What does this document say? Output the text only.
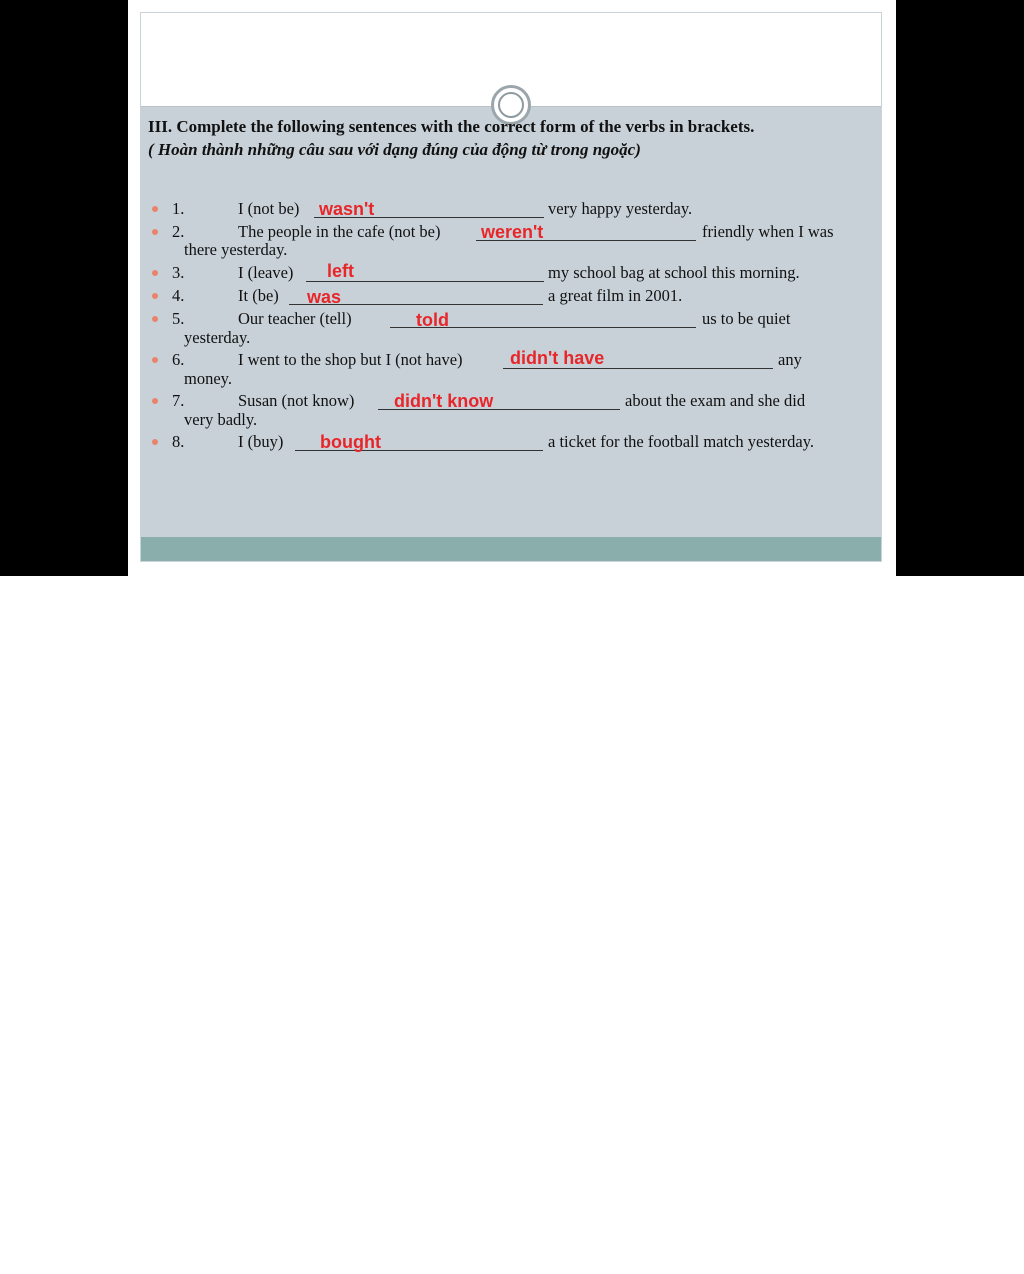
III. Complete the following sentences with the correct form of the verbs in brackets.
( Hoàn thành những câu sau với dạng đúng của động từ trong ngoặc)
1.	I (not be) wasn't	very happy yesterday.
2.	The people in the cafe (not be) weren't	friendly when I was
there yesterday.
3.	I (leave) left	my school bag at school this morning.
4.	It (be) was	a great film in 2001.
5.	Our teacher (tell)	told	us to be quiet
yesterday.
6.	I went to the shop but I (not have)	didn't have	any
money.
7.	Susan (not know) didn't know	about the exam and she did
very badly.
8.	I (buy) bought	a ticket for the football match yesterday.
